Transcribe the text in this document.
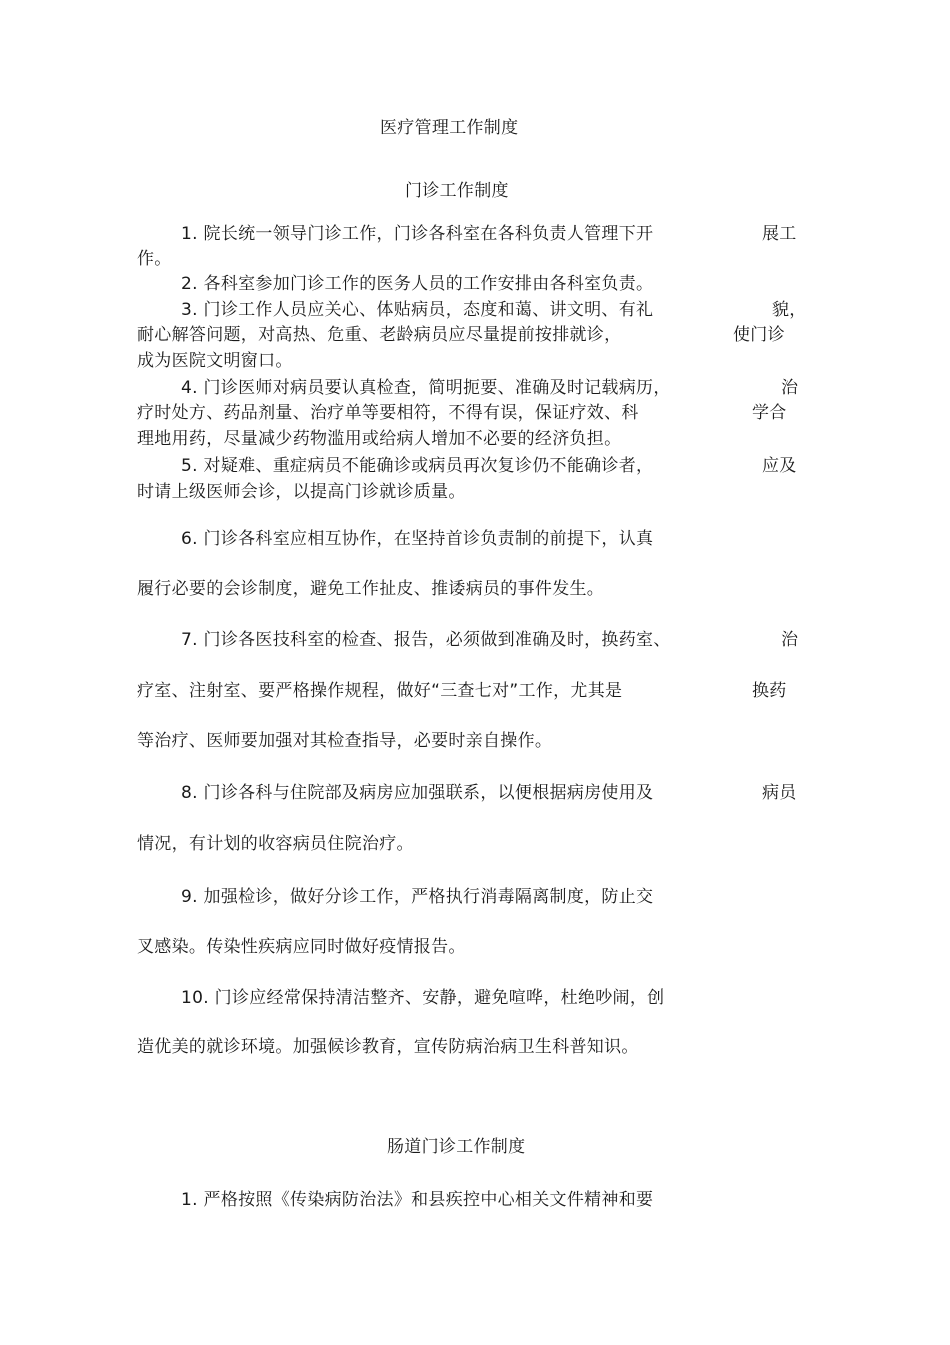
医疗管理工作制度
门诊工作制度
1. 院长统一领导门诊工作，门诊各科室在各科负责人管理下开	展工
作。
2. 各科室参加门诊工作的医务人员的工作安排由各科室负责。
3. 门诊工作人员应关心、体贴病员，态度和蔼、讲文明、有礼	貌，
耐心解答问题，对高热、危重、老龄病员应尽量提前按排就诊，	使门诊
成为医院文明窗口。
4. 门诊医师对病员要认真检查，简明扼要、准确及时记载病历，	治
疗时处方、药品剂量、治疗单等要相符，不得有误，保证疗效、科	学合
理地用药，尽量减少药物滥用或给病人增加不必要的经济负担。
5. 对疑难、重症病员不能确诊或病员再次复诊仍不能确诊者，	应及
时请上级医师会诊，以提高门诊就诊质量。
6. 门诊各科室应相互协作，在坚持首诊负责制的前提下，认真
履行必要的会诊制度，避免工作扯皮、推诿病员的事件发生。
7. 门诊各医技科室的检查、报告，必须做到准确及时，换药室、	治
疗室、注射室、要严格操作规程，做好“三查七对”工作，尤其是	换药
等治疗、医师要加强对其检查指导，必要时亲自操作。
8. 门诊各科与住院部及病房应加强联系，以便根据病房使用及	病员
情况，有计划的收容病员住院治疗。
9. 加强检诊，做好分诊工作，严格执行消毒隔离制度，防止交
叉感染。传染性疾病应同时做好疫情报告。
10. 门诊应经常保持清洁整齐、安静，避免喧哗，杜绝吵闹，创
造优美的就诊环境。加强候诊教育，宣传防病治病卫生科普知识。
肠道门诊工作制度
1. 严格按照《传染病防治法》和县疾控中心相关文件精神和要
